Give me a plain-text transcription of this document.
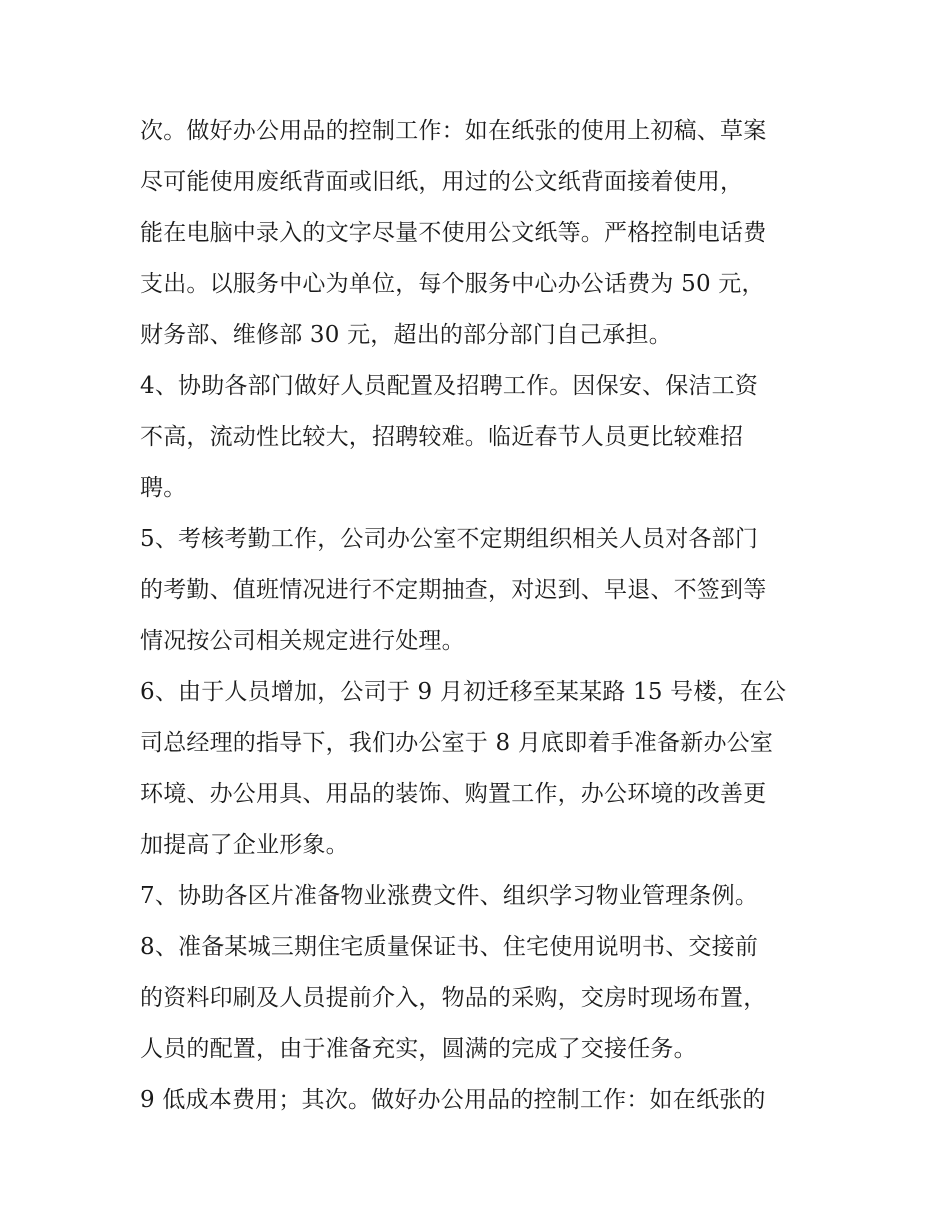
次。做好办公用品的控制工作：如在纸张的使用上初稿、草案
尽可能使用废纸背面或旧纸，用过的公文纸背面接着使用，
能在电脑中录入的文字尽量不使用公文纸等。严格控制电话费
支出。以服务中心为单位，每个服务中心办公话费为 50 元，
财务部、维修部 30 元，超出的部分部门自己承担。
4、协助各部门做好人员配置及招聘工作。因保安、保洁工资
不高，流动性比较大，招聘较难。临近春节人员更比较难招
聘。
5、考核考勤工作，公司办公室不定期组织相关人员对各部门
的考勤、值班情况进行不定期抽查，对迟到、早退、不签到等
情况按公司相关规定进行处理。
6、由于人员增加，公司于 9 月初迁移至某某路 15 号楼，在公
司总经理的指导下，我们办公室于 8 月底即着手准备新办公室
环境、办公用具、用品的装饰、购置工作，办公环境的改善更
加提高了企业形象。
7、协助各区片准备物业涨费文件、组织学习物业管理条例。
8、准备某城三期住宅质量保证书、住宅使用说明书、交接前
的资料印刷及人员提前介入，物品的采购，交房时现场布置，
人员的配置，由于准备充实，圆满的完成了交接任务。
9 低成本费用；其次。做好办公用品的控制工作：如在纸张的
